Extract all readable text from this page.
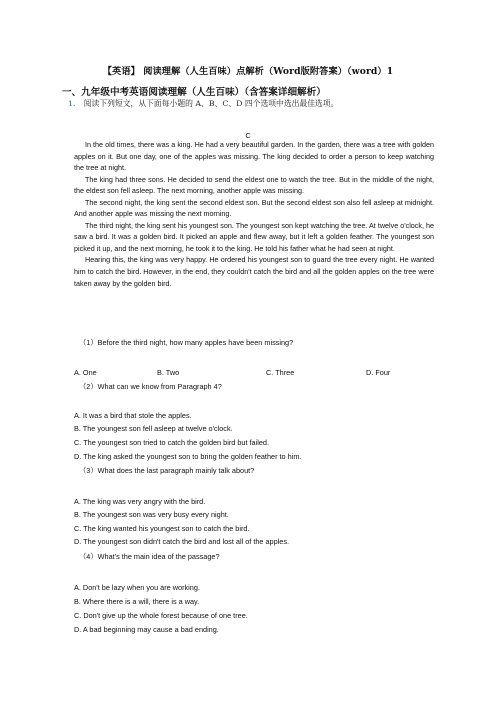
【英语】 阅读理解（人生百味）点解析（Word版附答案）（word）1
一、九年级中考英语阅读理解（人生百味）（含答案详细解析）
1． 阅读下列短文，从下面每小题的 A、B、C、D 四个选项中选出最佳选项。
C

In the old times, there was a king. He had a very beautiful garden. In the garden, there was a tree with golden apples on it. But one day, one of the apples was missing. The king decided to order a person to keep watching the tree at night.

The king had three sons. He decided to send the eldest one to watch the tree. But in the middle of the night, the eldest son fell asleep. The next morning, another apple was missing.

The second night, the king sent the second eldest son. But the second eldest son also fell asleep at midnight. And another apple was missing the next morning.

The third night, the king sent his youngest son. The youngest son kept watching the tree. At twelve o'clock, he saw a bird. It was a golden bird. It picked an apple and flew away, but it left a golden feather. The youngest son picked it up, and the next morning, he took it to the king. He told his father what he had seen at night.

Hearing this, the king was very happy. He ordered his youngest son to guard the tree every night. He wanted him to catch the bird. However, in the end, they couldn't catch the bird and all the golden apples on the tree were taken away by the golden bird.

（1）Before the third night, how many apples have been missing?
A. One	B. Two	C. Three	D. Four
（2）What can we know from Paragraph 4?
A. It was a bird that stole the apples.
B. The youngest son fell asleep at twelve o'clock.
C. The youngest son tried to catch the golden bird but failed.
D. The king asked the youngest son to bring the golden feather to him.
（3）What does the last paragraph mainly talk about?
A. The king was very angry with the bird.
B. The youngest son was very busy every night.
C. The king wanted his youngest son to catch the bird.
D. The youngest son didn't catch the bird and lost all of the apples.
（4）What's the main idea of the passage?
A. Don't be lazy when you are working.
B. Where there is a will, there is a way.
C. Don't give up the whole forest because of one tree.
D. A bad beginning may cause a bad ending.
